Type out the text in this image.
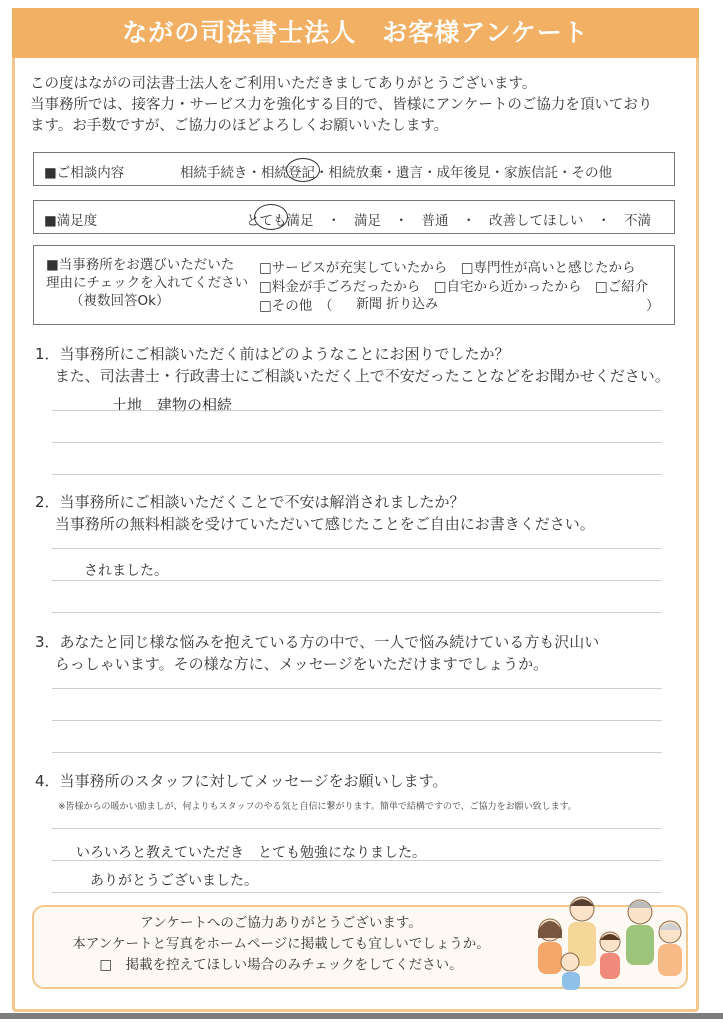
ながの司法書士法人　お客様アンケート
この度はながの司法書士法人をご利用いただきましてありがとうございます。
当事務所では、接客力・サービス力を強化する目的で、皆様にアンケートのご協力を頂いており
ます。お手数ですが、ご協力のほどよろしくお願いいたします。
■ご相談内容	相続手続き・相続登記・相続放棄・遺言・成年後見・家族信託・その他
■満足度	とても満足　・　満足　・　普通　・　改善してほしい　・　不満
■当事務所をお選びいただいた
理由にチェックを入れてください
（複数回答Ok）
□サービスが充実していたから　□専門性が高いと感じたから
□料金が手ごろだったから　□自宅から近かったから　□ご紹介
□その他　（ 新聞 折り込み	）
1．当事務所にご相談いただく前はどのようなことにお困りでしたか？
　 また、司法書士・行政書士にご相談いただく上で不安だったことなどをお聞かせください。
土地　建物の相続
2．当事務所にご相談いただくことで不安は解消されましたか？
　 当事務所の無料相談を受けていただいて感じたことをご自由にお書きください。
されました。
3．あなたと同じ様な悩みを抱えている方の中で、一人で悩み続けている方も沢山い
　 らっしゃいます。その様な方に、メッセージをいただけますでしょうか。
4．当事務所のスタッフに対してメッセージをお願いします。
※皆様からの暖かい励ましが、何よりもスタッフのやる気と自信に繋がります。簡単で結構ですので、ご協力をお願い致します。
いろいろと教えていただき　とても勉強になりました。
ありがとうございました。
アンケートへのご協力ありがとうございます。
本アンケートと写真をホームページに掲載しても宜しいでしょうか。
□　掲載を控えてほしい場合のみチェックをしてください。
